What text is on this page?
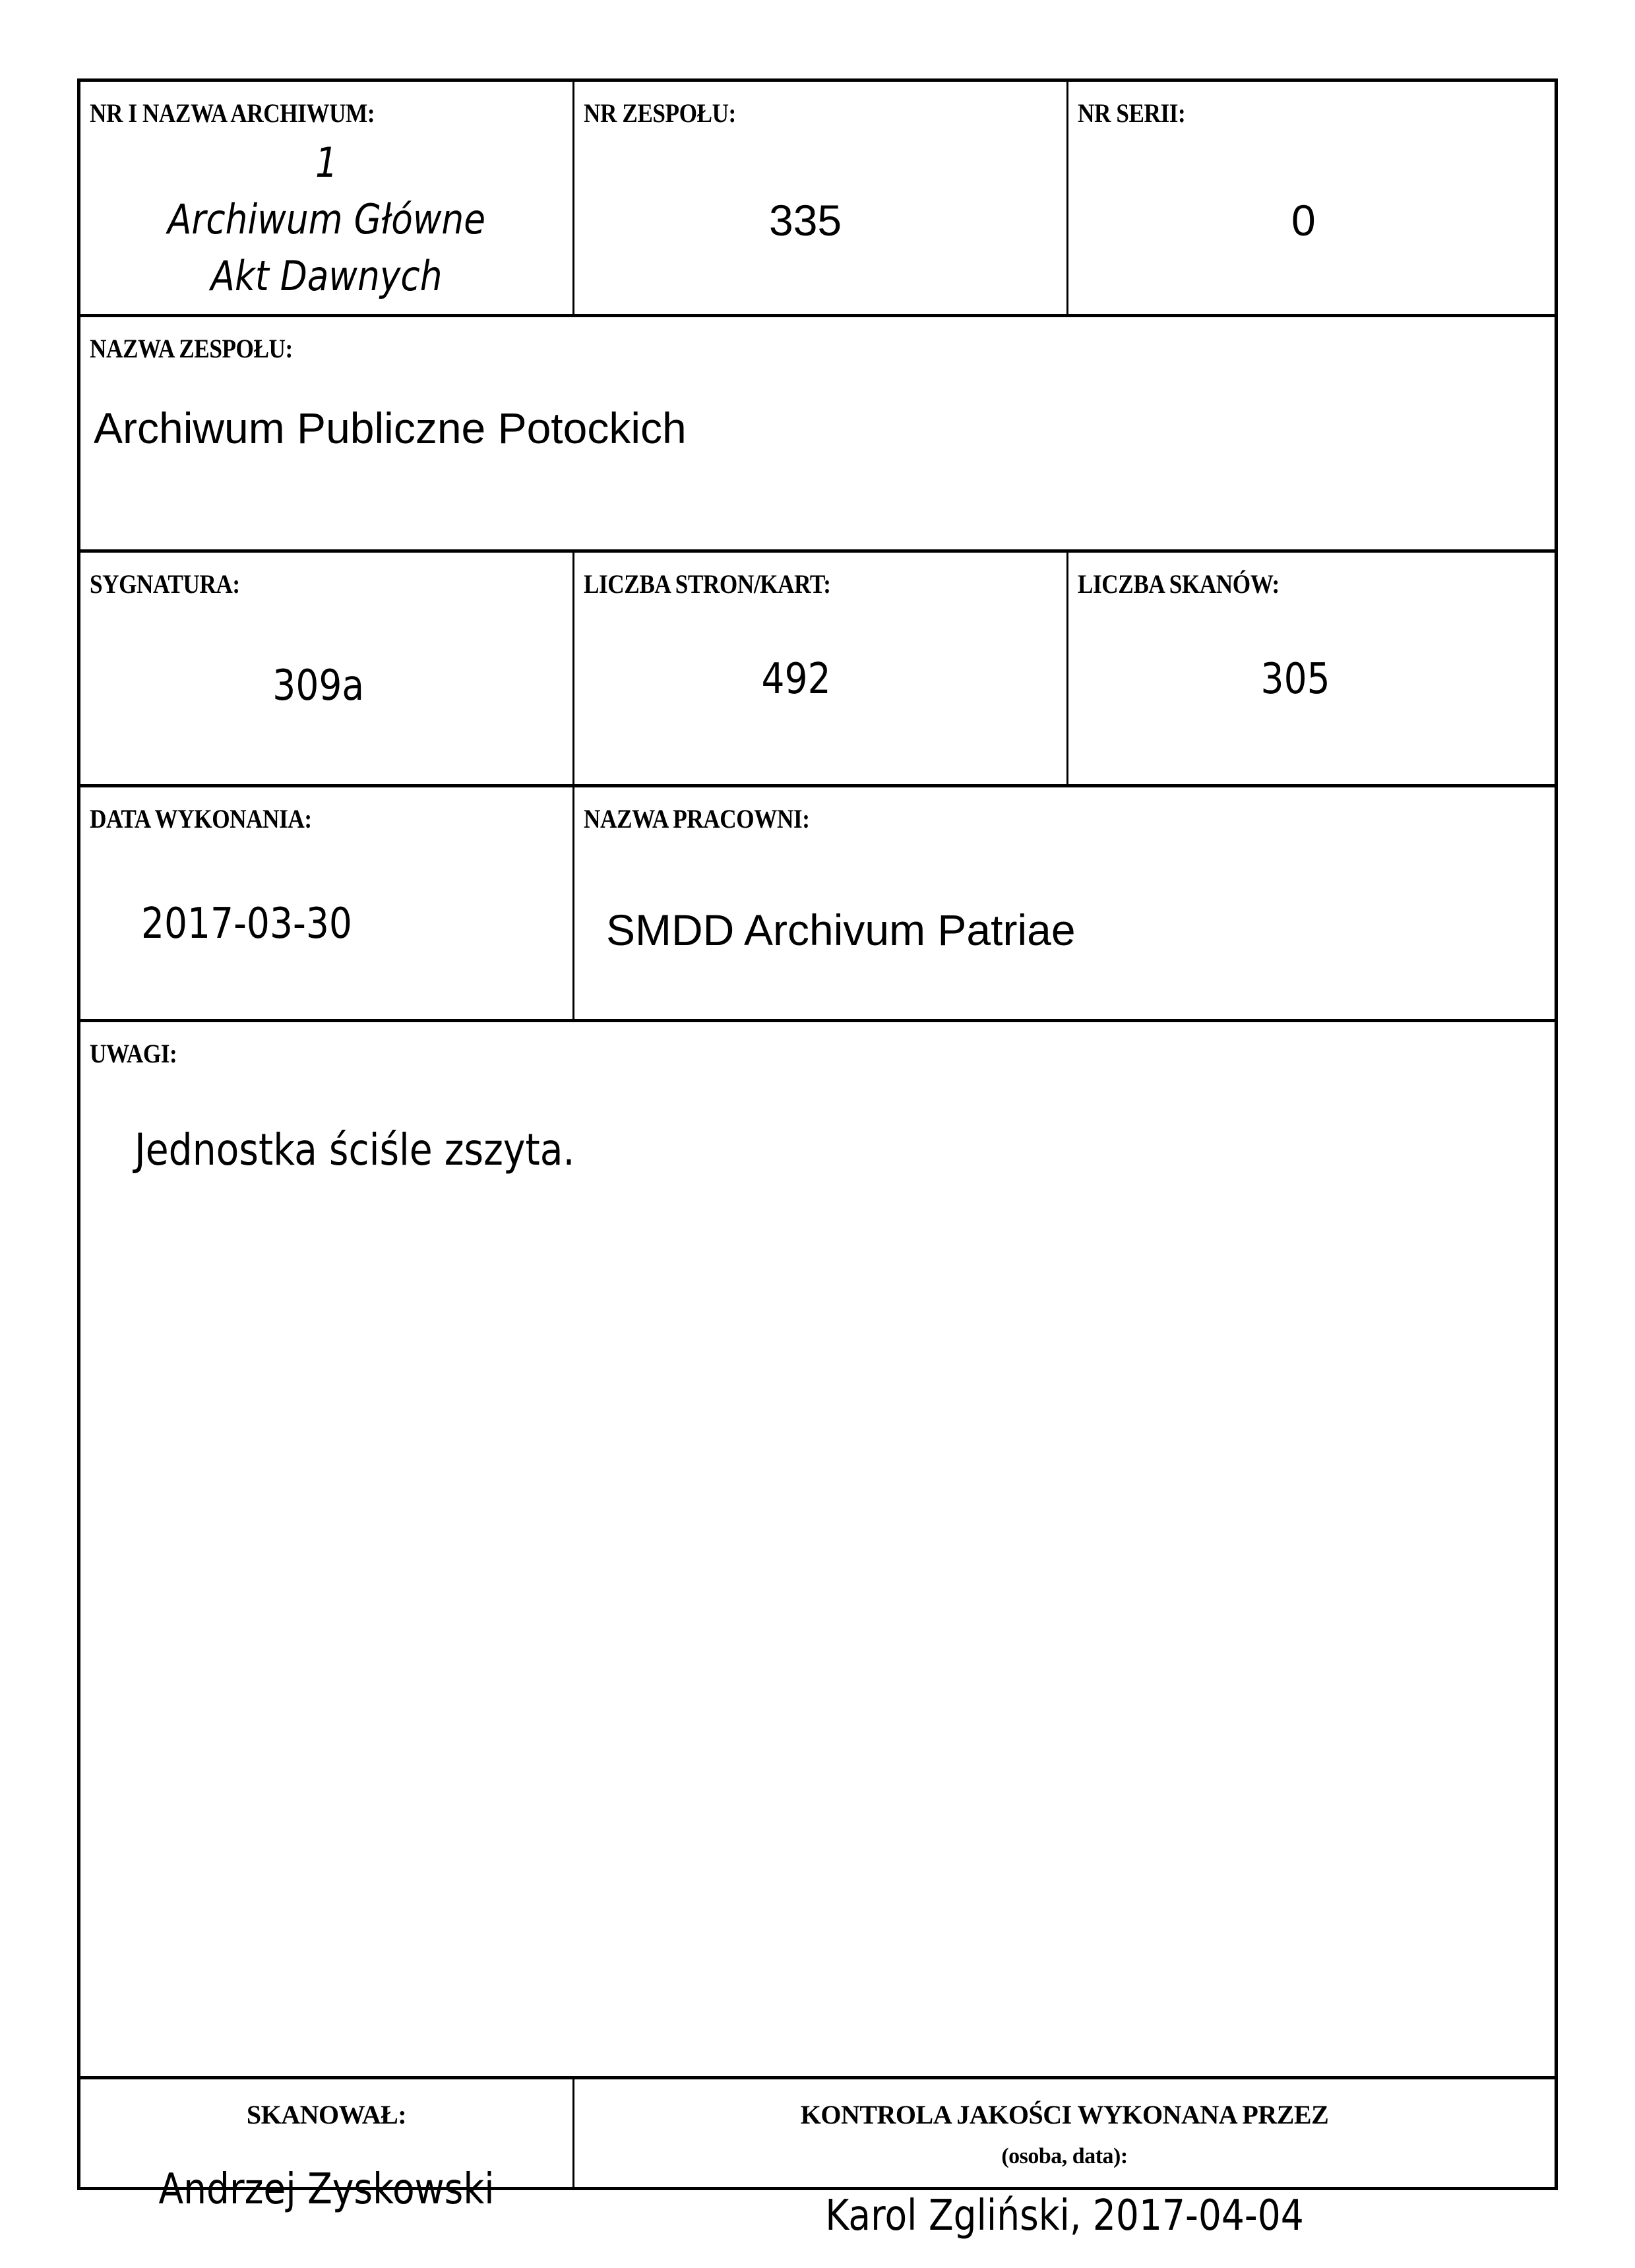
NR I NAZWA ARCHIWUM:
1
Archiwum Główne
Akt Dawnych
NR ZESPOŁU:
335
NR SERII:
0
NAZWA ZESPOŁU:
Archiwum Publiczne Potockich
SYGNATURA:
309a
LICZBA STRON/KART:
492
LICZBA SKANÓW:
305
DATA WYKONANIA:
2017-03-30
NAZWA PRACOWNI:
SMDD Archivum Patriae
UWAGI:
Jednostka ściśle zszyta.
SKANOWAŁ:
Andrzej Zyskowski
KONTROLA JAKOŚCI WYKONANA PRZEZ
(osoba, data):
Karol Zgliński, 2017-04-04
